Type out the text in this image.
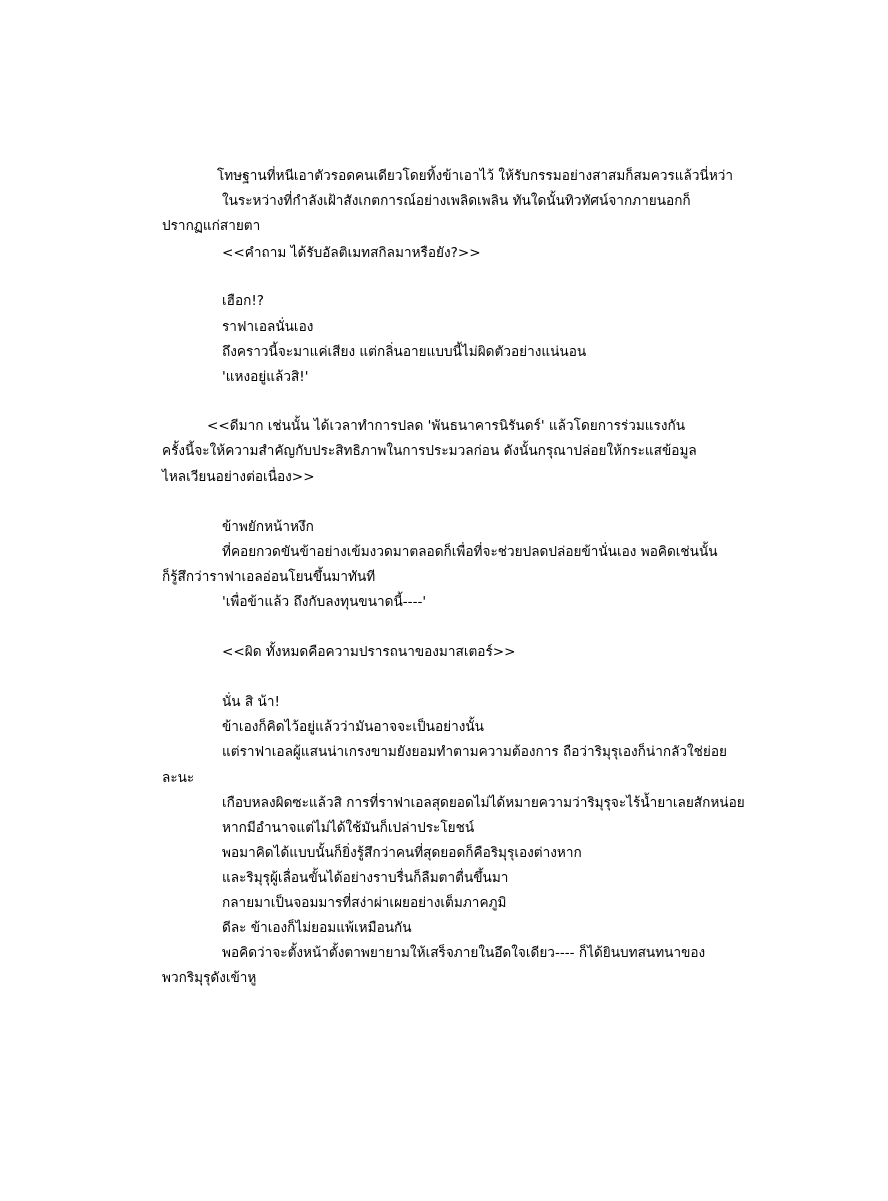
โทษฐานที่หนีเอาตัวรอดคนเดียวโดยทิ้งข้าเอาไว้ ให้รับกรรมอย่างสาสมก็สมควรแล้วนี่หว่า
ในระหว่างที่กำลังเฝ้าสังเกตการณ์อย่างเพลิดเพลิน ทันใดนั้นทิวทัศน์จากภายนอกก็
ปรากฏแก่สายตา
<<คำถาม ได้รับอัลติเมทสกิลมาหรือยัง?>>
เฮือก!?
ราฟาเอลนั่นเอง
ถึงคราวนี้จะมาแค่เสียง แต่กลิ่นอายแบบนี้ไม่ผิดตัวอย่างแน่นอน
'แหงอยู่แล้วสิ!'
<<ดีมาก เช่นนั้น ได้เวลาทำการปลด 'พันธนาคารนิรันดร์' แล้วโดยการร่วมแรงกัน
ครั้งนี้จะให้ความสำคัญกับประสิทธิภาพในการประมวลก่อน ดังนั้นกรุณาปล่อยให้กระแสข้อมูล
ไหลเวียนอย่างต่อเนื่อง>>
ข้าพยักหน้าหงึก
ที่คอยกวดขันข้าอย่างเข้มงวดมาตลอดก็เพื่อที่จะช่วยปลดปล่อยข้านั่นเอง พอคิดเช่นนั้น
ก็รู้สึกว่าราฟาเอลอ่อนโยนขึ้นมาทันที
'เพื่อข้าแล้ว ถึงกับลงทุนขนาดนี้----'
<<ผิด ทั้งหมดคือความปรารถนาของมาสเตอร์>>
นั่น สิ น้า!
ข้าเองก็คิดไว้อยู่แล้วว่ามันอาจจะเป็นอย่างนั้น
แต่ราฟาเอลผู้แสนน่าเกรงขามยังยอมทำตามความต้องการ ถือว่าริมุรุเองก็น่ากลัวใช่ย่อย
ละนะ
เกือบหลงผิดซะแล้วสิ การที่ราฟาเอลสุดยอดไม่ได้หมายความว่าริมุรุจะไร้น้ำยาเลยสักหน่อย
หากมีอำนาจแต่ไม่ได้ใช้มันก็เปล่าประโยชน์
พอมาคิดได้แบบนั้นก็ยิ่งรู้สึกว่าคนที่สุดยอดก็คือริมุรุเองต่างหาก
และริมุรุผู้เลื่อนขั้นได้อย่างราบรื่นก็ลืมตาตื่นขึ้นมา
กลายมาเป็นจอมมารที่สง่าผ่าเผยอย่างเต็มภาคภูมิ
ดีละ ข้าเองก็ไม่ยอมแพ้เหมือนกัน
พอคิดว่าจะตั้งหน้าตั้งตาพยายามให้เสร็จภายในอึดใจเดียว---- ก็ได้ยินบทสนทนาของ
พวกริมุรุดังเข้าหู
